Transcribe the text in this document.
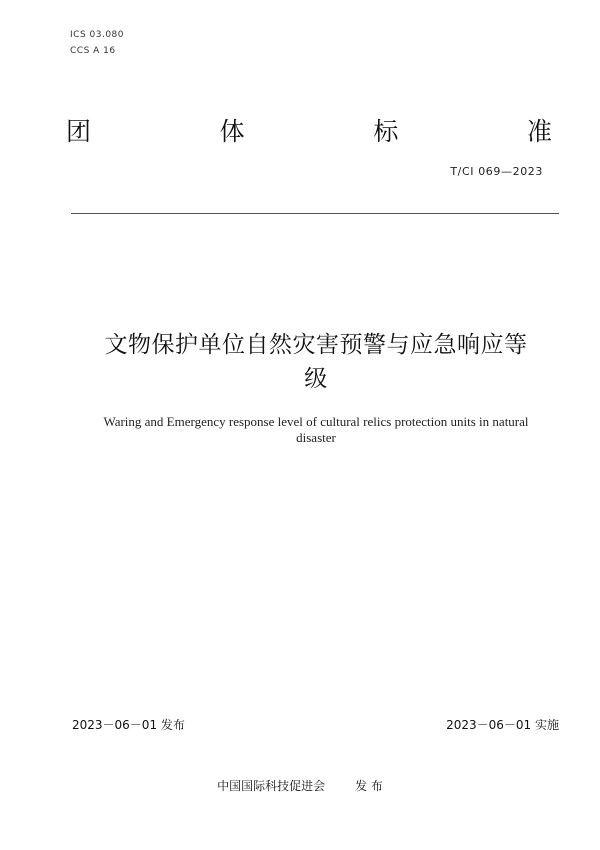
ICS 03.080
CCS A 16
团	体	标	准
T/CI 069—2023
文物保护单位自然灾害预警与应急响应等
级
Waring and Emergency response level of cultural relics protection units in natural
disaster
2023－06－01 发布	2023－06－01 实施
中国国际科技促进会	发 布
